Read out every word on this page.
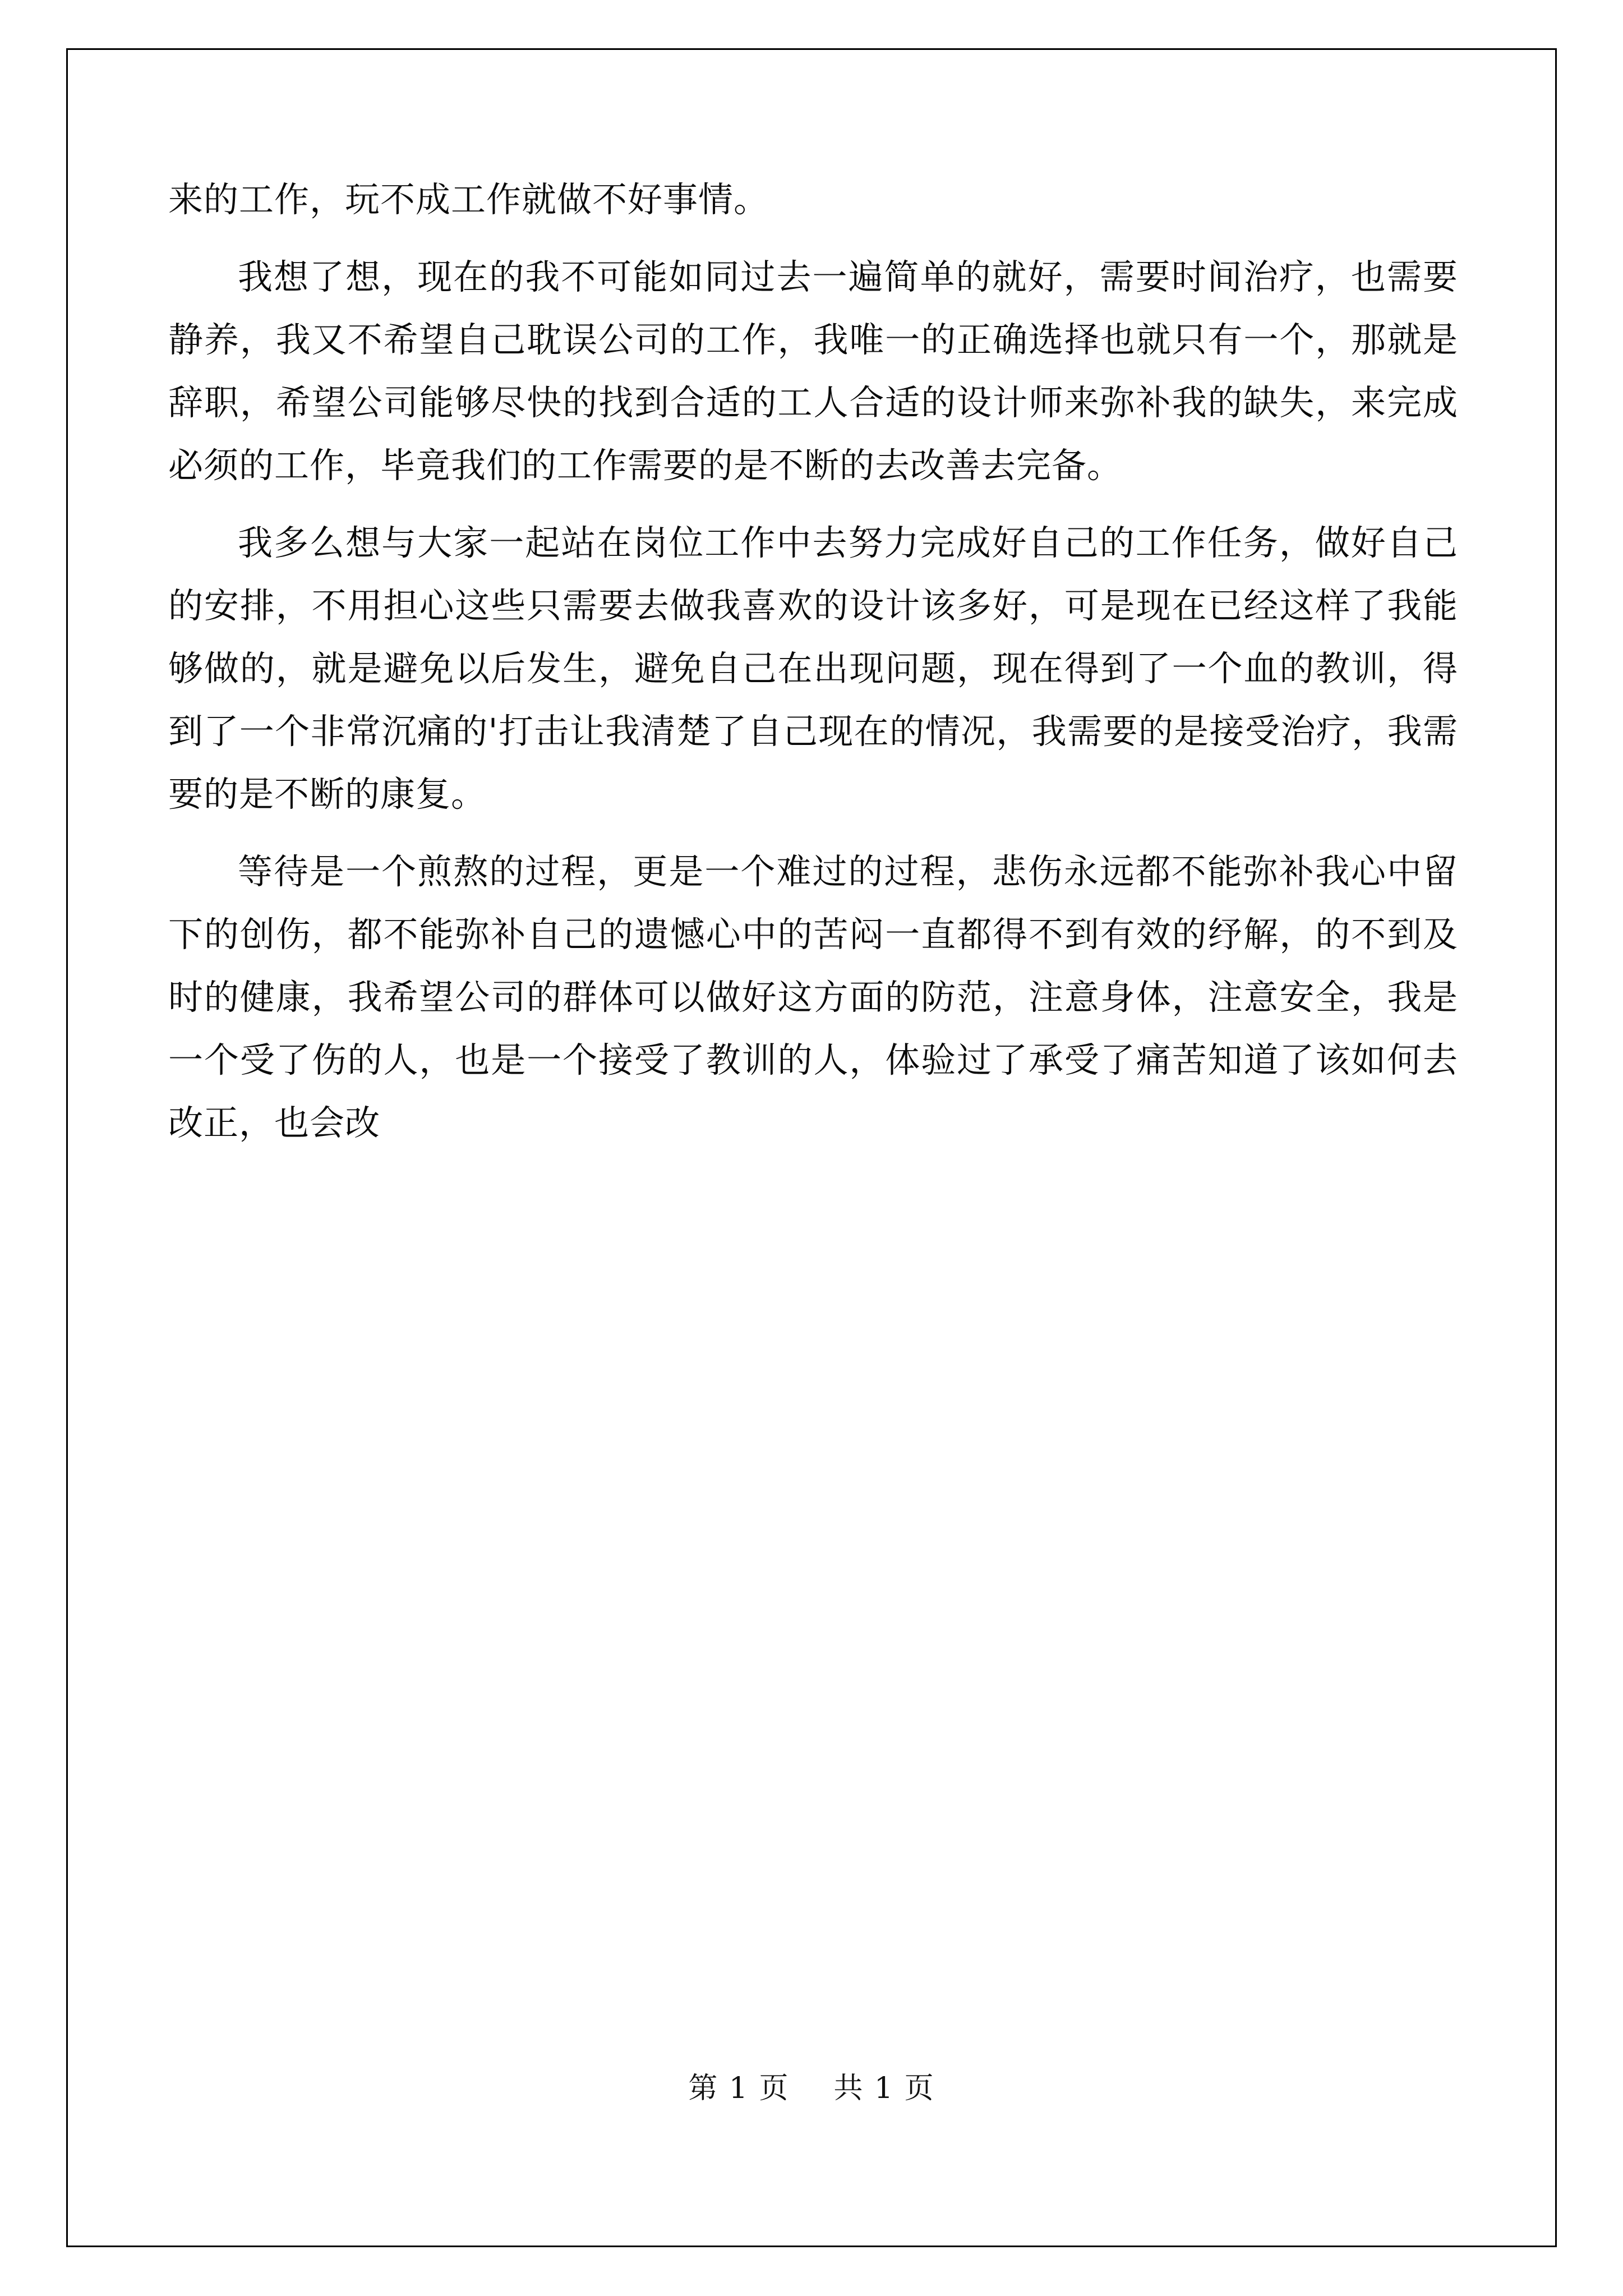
来的工作，玩不成工作就做不好事情。

我想了想，现在的我不可能如同过去一遍简单的就好，需要时间治疗，也需要静养，我又不希望自己耽误公司的工作，我唯一的正确选择也就只有一个，那就是辞职，希望公司能够尽快的找到合适的工人合适的设计师来弥补我的缺失，来完成必须的工作，毕竟我们的工作需要的是不断的去改善去完备。

我多么想与大家一起站在岗位工作中去努力完成好自己的工作任务，做好自己的安排，不用担心这些只需要去做我喜欢的设计该多好，可是现在已经这样了我能够做的，就是避免以后发生，避免自己在出现问题，现在得到了一个血的教训，得到了一个非常沉痛的'打击让我清楚了自己现在的情况，我需要的是接受治疗，我需要的是不断的康复。

等待是一个煎熬的过程，更是一个难过的过程，悲伤永远都不能弥补我心中留下的创伤，都不能弥补自己的遗憾心中的苦闷一直都得不到有效的纾解，的不到及时的健康，我希望公司的群体可以做好这方面的防范，注意身体，注意安全，我是一个受了伤的人，也是一个接受了教训的人，体验过了承受了痛苦知道了该如何去改正，也会改

第 1 页 共 1 页
